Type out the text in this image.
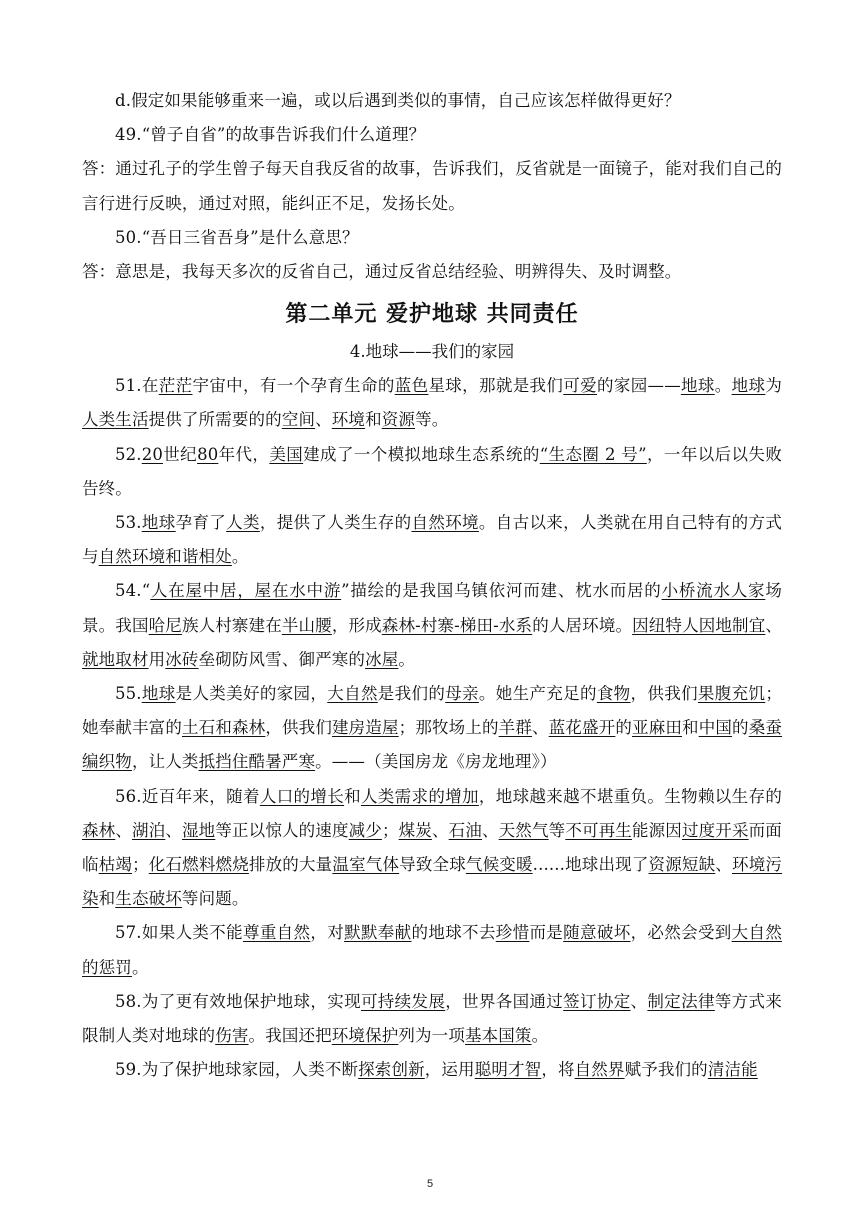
d.假定如果能够重来一遍，或以后遇到类似的事情，自己应该怎样做得更好？

49.“曾子自省”的故事告诉我们什么道理？

答：通过孔子的学生曾子每天自我反省的故事，告诉我们，反省就是一面镜子，能对我们自己的言行进行反映，通过对照，能纠正不足，发扬长处。

50.“吾日三省吾身”是什么意思？

答：意思是，我每天多次的反省自己，通过反省总结经验、明辨得失、及时调整。

第二单元 爱护地球 共同责任
4.地球——我们的家园

51.在茫茫宇宙中，有一个孕育生命的蓝色星球，那就是我们可爱的家园——地球。地球为人类生活提供了所需要的的空间、环境和资源等。

52.20世纪80年代，美国建成了一个模拟地球生态系统的“生态圈 2 号”，一年以后以失败告终。

53.地球孕育了人类，提供了人类生存的自然环境。自古以来，人类就在用自己特有的方式与自然环境和谐相处。

54.“人在屋中居，屋在水中游”描绘的是我国乌镇依河而建、枕水而居的小桥流水人家场景。我国哈尼族人村寨建在半山腰，形成森林-村寨-梯田-水系的人居环境。因纽特人因地制宜、就地取材用冰砖垒砌防风雪、御严寒的冰屋。

55.地球是人类美好的家园，大自然是我们的母亲。她生产充足的食物，供我们果腹充饥；她奉献丰富的土石和森林，供我们建房造屋；那牧场上的羊群、蓝花盛开的亚麻田和中国的桑蚕编织物，让人类抵挡住酷暑严寒。——（美国房龙《房龙地理》）

56.近百年来，随着人口的增长和人类需求的增加，地球越来越不堪重负。生物赖以生存的森林、湖泊、湿地等正以惊人的速度减少；煤炭、石油、天然气等不可再生能源因过度开采而面临枯竭；化石燃料燃烧排放的大量温室气体导致全球气候变暖......地球出现了资源短缺、环境污染和生态破坏等问题。

57.如果人类不能尊重自然，对默默奉献的地球不去珍惜而是随意破坏，必然会受到大自然的惩罚。

58.为了更有效地保护地球，实现可持续发展，世界各国通过签订协定、制定法律等方式来限制人类对地球的伤害。我国还把环境保护列为一项基本国策。

59.为了保护地球家园，人类不断探索创新，运用聪明才智，将自然界赋予我们的清洁能

5
